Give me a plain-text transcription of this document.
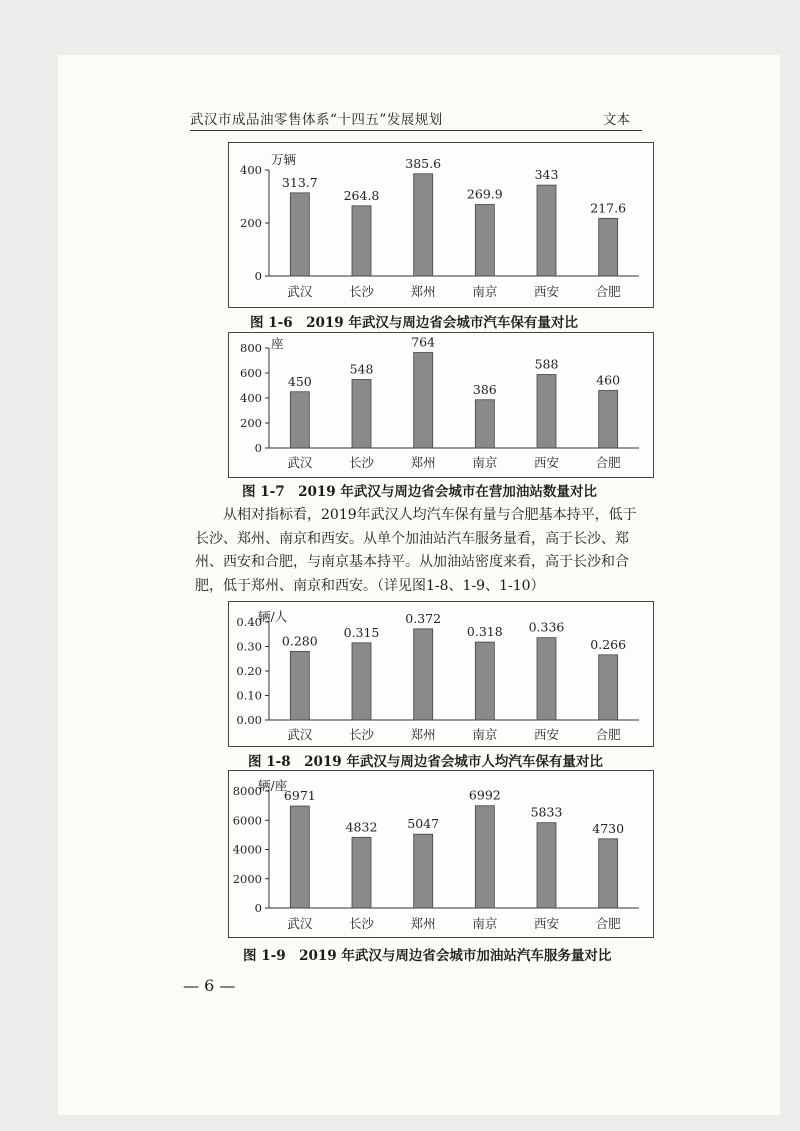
武汉市成品油零售体系“十四五”发展规划	文本
0
200
400
万辆
313.7
武汉
264.8
长沙
385.6
郑州
269.9
南京
343
西安
217.6
合肥
图 1-6　2019 年武汉与周边省会城市汽车保有量对比
0
200
400
600
800 座
450
武汉
548
长沙
764
郑州
386
南京
588
西安
460
合肥
图 1-7　2019 年武汉与周边省会城市在营加油站数量对比

从相对指标看，2019年武汉人均汽车保有量与合肥基本持平，低于长沙、郑州、南京和西安。从单个加油站汽车服务量看，高于长沙、郑州、西安和合肥，与南京基本持平。从加油站密度来看，高于长沙和合肥，低于郑州、南京和西安。（详见图1-8、1-9、1-10）

0.00
0.10
0.20
0.30
0.40
辆/人
0.280
武汉
0.315
长沙
0.372
郑州
0.318
南京
0.336
西安
0.266
合肥
图 1-8　2019 年武汉与周边省会城市人均汽车保有量对比
0
2000
4000
6000
8000
辆/座
6971
武汉
4832
长沙
5047
郑州
6992
南京
5833
西安
4730
合肥
图 1-9　2019 年武汉与周边省会城市加油站汽车服务量对比
— 6 —
